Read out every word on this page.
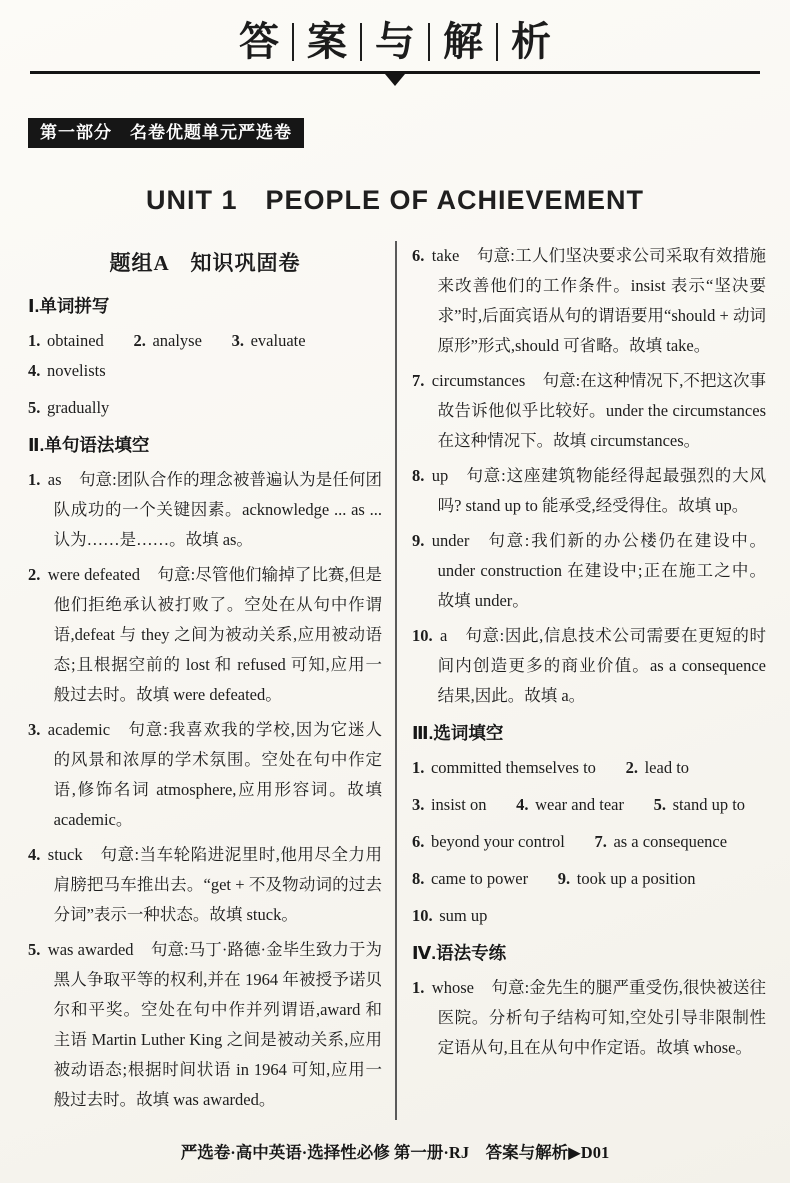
答 案 与 解 析
第一部分　名卷优题单元严选卷
UNIT 1　PEOPLE OF ACHIEVEMENT
题组A　知识巩固卷
Ⅰ.单词拼写

1. obtained 2. analyse 3. evaluate 4. novelists

5. gradually

Ⅱ.单句语法填空

1. as 句意:团队合作的理念被普遍认为是任何团队成功的一个关键因素。acknowledge ... as ... 认为……是……。故填 as。

2. were defeated 句意:尽管他们输掉了比赛,但是他们拒绝承认被打败了。空处在从句中作谓语,defeat 与 they 之间为被动关系,应用被动语态;且根据空前的 lost 和 refused 可知,应用一般过去时。故填 were defeated。

3. academic 句意:我喜欢我的学校,因为它迷人的风景和浓厚的学术氛围。空处在句中作定语,修饰名词 atmosphere,应用形容词。故填 academic。

4. stuck 句意:当车轮陷进泥里时,他用尽全力用肩膀把马车推出去。“get + 不及物动词的过去分词”表示一种状态。故填 stuck。

5. was awarded 句意:马丁·路德·金毕生致力于为黑人争取平等的权利,并在 1964 年被授予诺贝尔和平奖。空处在句中作并列谓语,award 和主语 Martin Luther King 之间是被动关系,应用被动语态;根据时间状语 in 1964 可知,应用一般过去时。故填 was awarded。

6. take 句意:工人们坚决要求公司采取有效措施来改善他们的工作条件。insist 表示“坚决要求”时,后面宾语从句的谓语要用“should + 动词原形”形式,should 可省略。故填 take。

7. circumstances 句意:在这种情况下,不把这次事故告诉他似乎比较好。under the circumstances 在这种情况下。故填 circumstances。

8. up 句意:这座建筑物能经得起最强烈的大风吗? stand up to 能承受,经受得住。故填 up。

9. under 句意:我们新的办公楼仍在建设中。under construction 在建设中;正在施工之中。故填 under。

10. a 句意:因此,信息技术公司需要在更短的时间内创造更多的商业价值。as a consequence 结果,因此。故填 a。

Ⅲ.选词填空

1. committed themselves to 2. lead to

3. insist on 4. wear and tear 5. stand up to

6. beyond your control 7. as a consequence

8. came to power 9. took up a position

10. sum up

Ⅳ.语法专练

1. whose 句意:金先生的腿严重受伤,很快被送往医院。分析句子结构可知,空处引导非限制性定语从句,且在从句中作定语。故填 whose。

严选卷·高中英语·选择性必修 第一册·RJ　答案与解析▶D01
